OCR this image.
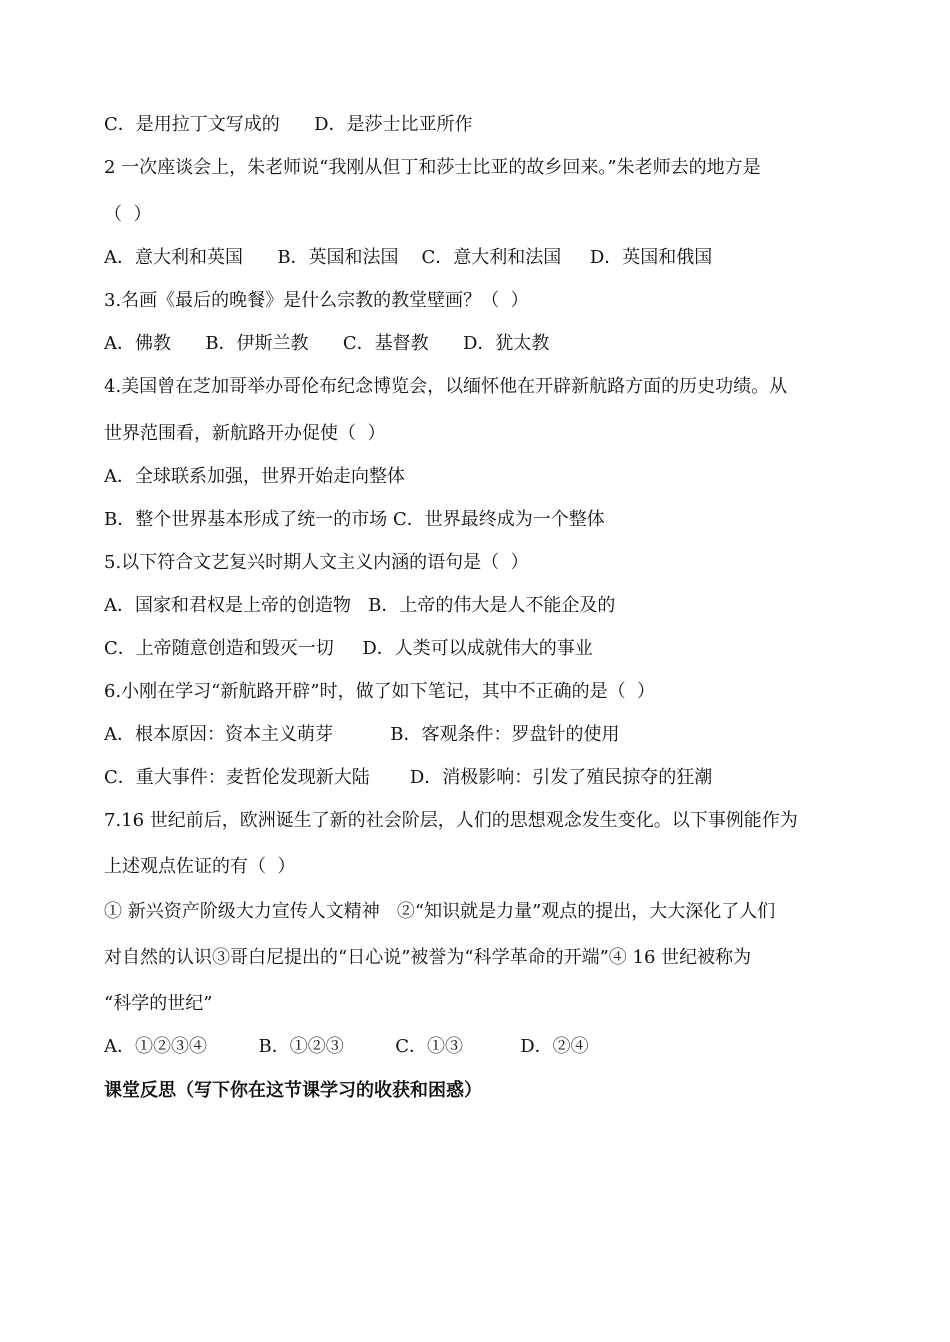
C．是用拉丁文写成的      D．是莎士比亚所作
2 一次座谈会上，朱老师说“我刚从但丁和莎士比亚的故乡回来。”朱老师去的地方是
（  ）
A．意大利和英国      B．英国和法国    C．意大利和法国     D．英国和俄国
3.名画《最后的晚餐》是什么宗教的教堂壁画？（  ）
A．佛教      B．伊斯兰教      C．基督教      D．犹太教
4.美国曾在芝加哥举办哥伦布纪念博览会，以缅怀他在开辟新航路方面的历史功绩。从
世界范围看，新航路开办促使（  ）
A．全球联系加强，世界开始走向整体
B．整个世界基本形成了统一的市场 C．世界最终成为一个整体
5.以下符合文艺复兴时期人文主义内涵的语句是（  ）
A．国家和君权是上帝的创造物   B．上帝的伟大是人不能企及的
C．上帝随意创造和毁灭一切     D．人类可以成就伟大的事业
6.小刚在学习“新航路开辟”时，做了如下笔记，其中不正确的是（  ）
A．根本原因：资本主义萌芽          B．客观条件：罗盘针的使用
C．重大事件：麦哲伦发现新大陆       D．消极影响：引发了殖民掠夺的狂潮
7.16 世纪前后，欧洲诞生了新的社会阶层，人们的思想观念发生变化。以下事例能作为
上述观点佐证的有（  ）
① 新兴资产阶级大力宣传人文精神   ②“知识就是力量”观点的提出，大大深化了人们
对自然的认识③哥白尼提出的“日心说”被誉为“科学革命的开端”④ 16 世纪被称为
“科学的世纪”
A．①②③④         B．①②③         C．①③          D．②④
课堂反思（写下你在这节课学习的收获和困惑）
